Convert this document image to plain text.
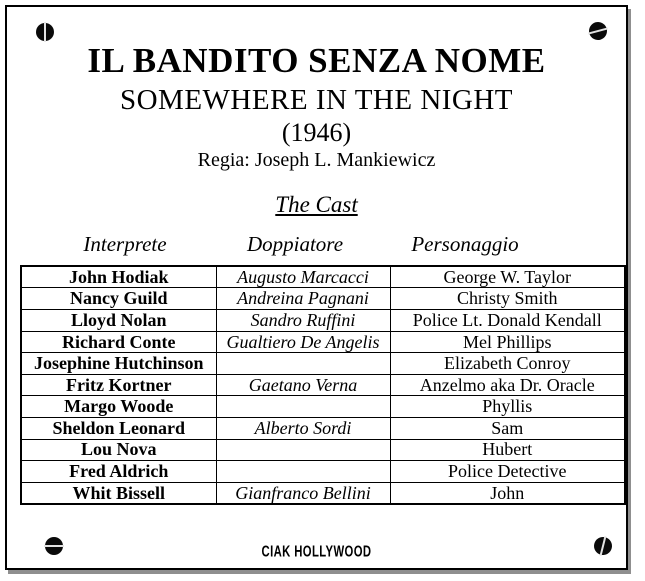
IL BANDITO SENZA NOME
SOMEWHERE IN THE NIGHT
(1946)
Regia: Joseph L. Mankiewicz
The Cast
Interprete	Doppiatore	Personaggio
John Hodiak	Augusto Marcacci	George W. Taylor
Nancy Guild	Andreina Pagnani	Christy Smith
Lloyd Nolan	Sandro Ruffini	Police Lt. Donald Kendall
Richard Conte	Gualtiero De Angelis	Mel Phillips
Josephine Hutchinson		Elizabeth Conroy
Fritz Kortner	Gaetano Verna	Anzelmo aka Dr. Oracle
Margo Woode		Phyllis
Sheldon Leonard	Alberto Sordi	Sam
Lou Nova		Hubert
Fred Aldrich		Police Detective
Whit Bissell	Gianfranco Bellini	John
CIAK HOLLYWOOD
